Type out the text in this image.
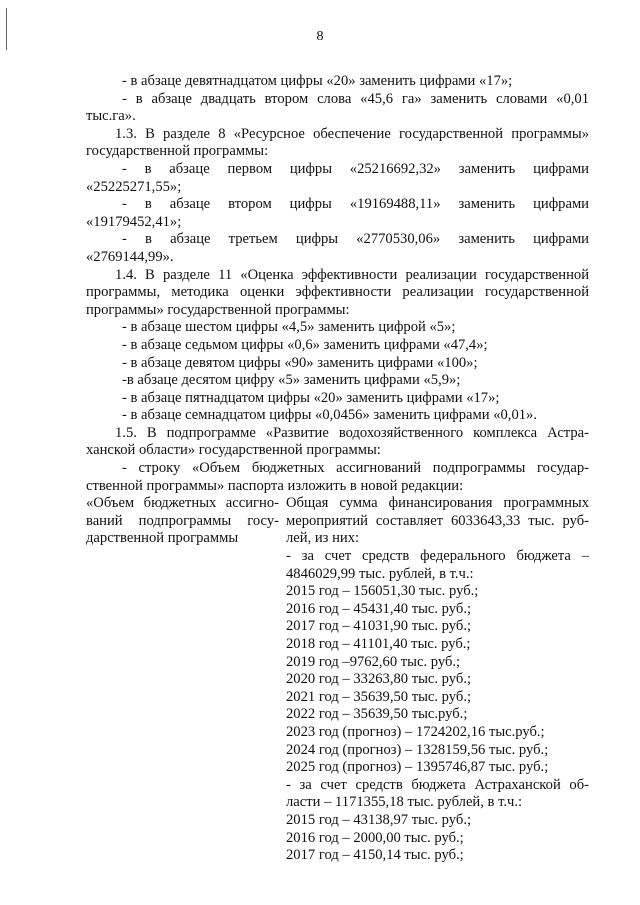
8
- в абзаце девятнадцатом цифры «20» заменить цифрами «17»;
- в абзаце двадцать втором слова «45,6 га» заменить словами «0,01
тыс.га».
1.3. В разделе 8 «Ресурсное обеспечение государственной программы»
государственной программы:
- в абзаце первом цифры «25216692,32» заменить цифрами
«25225271,55»;
- в абзаце втором цифры «19169488,11» заменить цифрами
«19179452,41»;
- в абзаце третьем цифры «2770530,06» заменить цифрами
«2769144,99».
1.4. В разделе 11 «Оценка эффективности реализации государственной
программы, методика оценки эффективности реализации государственной
программы» государственной программы:
- в абзаце шестом цифры «4,5» заменить цифрой «5»;
- в абзаце седьмом цифры «0,6» заменить цифрами «47,4»;
- в абзаце девятом цифры «90» заменить цифрами «100»;
-в абзаце десятом цифру «5» заменить цифрами «5,9»;
- в абзаце пятнадцатом цифры «20» заменить цифрами «17»;
- в абзаце семнадцатом цифры «0,0456» заменить цифрами «0,01».
1.5. В подпрограмме «Развитие водохозяйственного комплекса Астра-
ханской области» государственной программы:
- строку «Объем бюджетных ассигнований подпрограммы государ-
ственной программы» паспорта изложить в новой редакции:
«Объем бюджетных ассигно-
ваний подпрограммы госу-
дарственной программы
Общая сумма финансирования программных
мероприятий составляет 6033643,33 тыс. руб-
лей, из них:
- за счет средств федерального бюджета –
4846029,99 тыс. рублей, в т.ч.:
2015 год – 156051,30 тыс. руб.;
2016 год – 45431,40 тыс. руб.;
2017 год – 41031,90 тыс. руб.;
2018 год – 41101,40 тыс. руб.;
2019 год –9762,60 тыс. руб.;
2020 год – 33263,80 тыс. руб.;
2021 год – 35639,50 тыс. руб.;
2022 год – 35639,50 тыс.руб.;
2023 год (прогноз) – 1724202,16 тыс.руб.;
2024 год (прогноз) – 1328159,56 тыс. руб.;
2025 год (прогноз) – 1395746,87 тыс. руб.;
- за счет средств бюджета Астраханской об-
ласти – 1171355,18 тыс. рублей, в т.ч.:
2015 год – 43138,97 тыс. руб.;
2016 год – 2000,00 тыс. руб.;
2017 год – 4150,14 тыс. руб.;
